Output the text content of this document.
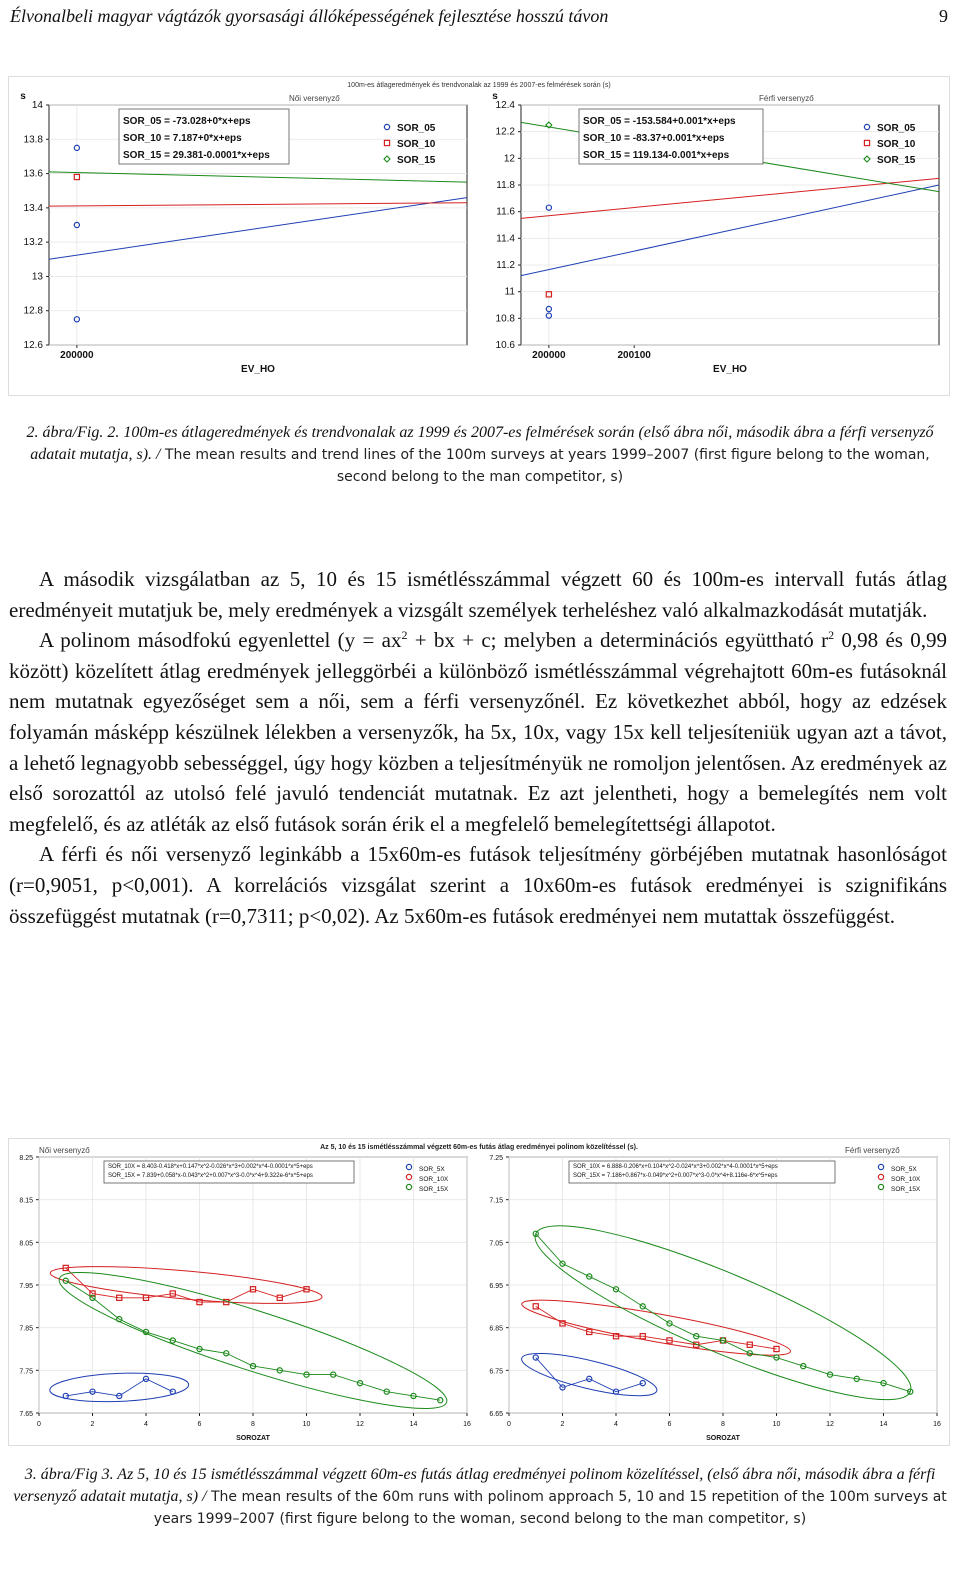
Élvonalbeli magyar vágtázók gyorsasági állóképességének fejlesztése hosszú távon	9
100m-es átlageredmények és trendvonalak az 1999 és 2007-es felmérések során (s)
12.6
12.8
13
13.2
13.4
13.6
13.8
14
200000	200100
EV_HO
s	Női versenyző
SOR_05 = -73.028+0*x+eps
SOR_10 = 7.187+0*x+eps
SOR_15 = 29.381-0.0001*x+eps
SOR_05
SOR_10
SOR_15
10.6
10.8
11
11.2
11.4
11.6
11.8
12
12.2
12.4
200000
EV_HO
s	Férfi versenyző
SOR_05 = -153.584+0.001*x+eps
SOR_10 = -83.37+0.001*x+eps
SOR_15 = 119.134-0.001*x+eps
SOR_05
SOR_10
SOR_15
2. ábra/Fig. 2. 100m-es átlageredmények és trendvonalak az 1999 és 2007-es felmérések során (első ábra női, második ábra a férfi versenyző adatait mutatja, s). / The mean results and trend lines of the 100m surveys at years 1999–2007 (first figure belong to the woman, second belong to the man competitor, s)

A második vizsgálatban az 5, 10 és 15 ismétlésszámmal végzett 60 és 100m-es intervall futás átlag eredményeit mutatjuk be, mely eredmények a vizsgált személyek terheléshez való alkalmazkodását mutatják.

A polinom másodfokú egyenlettel ($y = ax^2$ + bx + c; melyben a determinációs együttható $r^2$ 0,98 és 0,99 között) közelített átlag eredmények jelleggörbéi a különböző ismétlésszámmal végrehajtott 60m-es futásoknál nem mutatnak egyezőséget sem a női, sem a férfi versenyzőnél. Ez következhet abból, hogy az edzések folyamán másképp készülnek lélekben a versenyzők, ha 5x, 10x, vagy 15x kell teljesíteniük ugyan azt a távot, a lehető legnagyobb sebességgel, úgy hogy közben a teljesítményük ne romoljon jelentősen. Az eredmények az első sorozattól az utolsó felé javuló tendenciát mutatnak. Ez azt jelentheti, hogy a bemelegítés nem volt megfelelő, és az atléták az első futások során érik el a megfelelő bemelegítettségi állapotot.

A férfi és női versenyző leginkább a 15x60m-es futások teljesítmény görbéjében mutatnak hasonlóságot (r=0,9051, p<0,001). A korrelációs vizsgálat szerint a 10x60m-es futások eredményei is szignifikáns összefüggést mutatnak (r=0,7311; p<0,02). Az 5x60m-es futások eredményei nem mutattak összefüggést.

Az 5, 10 és 15 ismétlésszámmal végzett 60m-es futás átlag eredményei polinom közelítéssel (s).
7.65
7.75
7.85
7.95
8.05
8.15
8.25
0	2	4	6	8	10	12	14	16
SOROZAT
Női versenyző
SOR_10X = 8.403-0.418*x+0.147*x^2-0.026*x^3+0.002*x^4-0.0001*x^5+eps
SOR_15X = 7.839+0.058*x-0.043*x^2+0.007*x^3-0.0*x^4+9.322e-6*x^5+eps
SOR_5X
SOR_10X
SOR_15X
6.65
6.75
6.85
6.95
7.05
7.15
7.25
0	2	4	6	8	10	12	14	16
SOROZAT
Férfi versenyző
SOR_10X = 6.888-0.206*x+0.104*x^2-0.024*x^3+0.002*x^4-0.0001*x^5+eps
SOR_15X = 7.186+0.867*x-0.049*x^2+0.007*x^3-0.0*x^4+8.116e-6*x^5+eps
SOR_5X
SOR_10X
SOR_15X
3. ábra/Fig 3. Az 5, 10 és 15 ismétlésszámmal végzett 60m-es futás átlag eredményei polinom közelítéssel, (első ábra női, második ábra a férfi versenyző adatait mutatja, s) / The mean results of the 60m runs with polinom approach 5, 10 and 15 repetition of the 100m surveys at years 1999–2007 (first figure belong to the woman, second belong to the man competitor, s)
